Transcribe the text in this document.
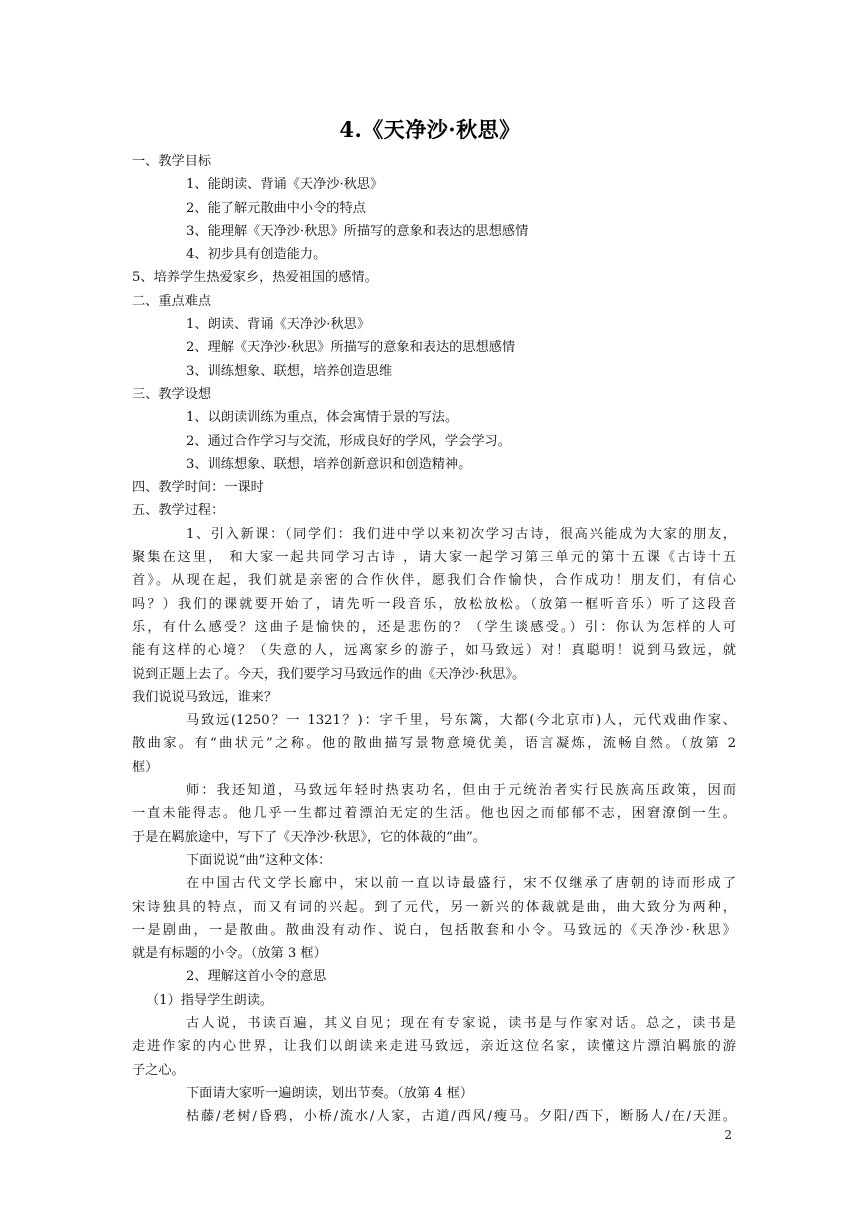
4.《天净沙·秋思》
一、教学目标
1、能朗读、背诵《天净沙·秋思》
2、能了解元散曲中小令的特点
3、能理解《天净沙·秋思》所描写的意象和表达的思想感情
4、初步具有创造能力。
5、培养学生热爱家乡，热爱祖国的感情。
二、重点难点
1、朗读、背诵《天净沙·秋思》
2、理解《天净沙·秋思》所描写的意象和表达的思想感情
3、训练想象、联想，培养创造思维
三、教学设想
1、以朗读训练为重点，体会寓情于景的写法。
2、通过合作学习与交流，形成良好的学风，学会学习。
3、训练想象、联想，培养创新意识和创造精神。
四、教学时间：一课时
五、教学过程：
1、引入新课：（同学们：我们进中学以来初次学习古诗，很高兴能成为大家的朋友，
聚集在这里， 和大家一起共同学习古诗 ，请大家一起学习第三单元的第十五课《古诗十五
首》。从现在起，我们就是亲密的合作伙伴，愿我们合作愉快，合作成功！朋友们，有信心
吗？）我们的课就要开始了，请先听一段音乐，放松放松。（放第一框听音乐）听了这段音
乐，有什么感受？这曲子是愉快的，还是悲伤的？（学生谈感受。）引：你认为怎样的人可
能有这样的心境？（失意的人，远离家乡的游子，如马致远）对！真聪明！说到马致远，就
说到正题上去了。今天，我们要学习马致远作的曲《天净沙·秋思》。
我们说说马致远，谁来？
马致远(1250？一 1321？)：字千里，号东篱，大都(今北京市)人，元代戏曲作家、
散曲家。有“曲状元”之称。他的散曲描写景物意境优美，语言凝炼，流畅自然。（放第 2
框）
师：我还知道，马致远年轻时热衷功名，但由于元统治者实行民族高压政策，因而
一直未能得志。他几乎一生都过着漂泊无定的生活。他也因之而郁郁不志，困窘潦倒一生。
于是在羁旅途中，写下了《天净沙·秋思》，它的体裁的“曲”。
下面说说“曲”这种文体：
在中国古代文学长廊中，宋以前一直以诗最盛行，宋不仅继承了唐朝的诗而形成了
宋诗独具的特点，而又有词的兴起。到了元代，另一新兴的体裁就是曲，曲大致分为两种，
一是剧曲，一是散曲。散曲没有动作、说白，包括散套和小令。马致远的《天净沙·秋思》
就是有标题的小令。（放第 3 框）
2、理解这首小令的意思
（1）指导学生朗读。
古人说，书读百遍，其义自见；现在有专家说，读书是与作家对话。总之，读书是
走进作家的内心世界，让我们以朗读来走进马致远，亲近这位名家，读懂这片漂泊羁旅的游
子之心。
下面请大家听一遍朗读，划出节奏。（放第 4 框）
枯藤/老树/昏鸦，小桥/流水/人家，古道/西风/瘦马。夕阳/西下，断肠人/在/天涯。
2
